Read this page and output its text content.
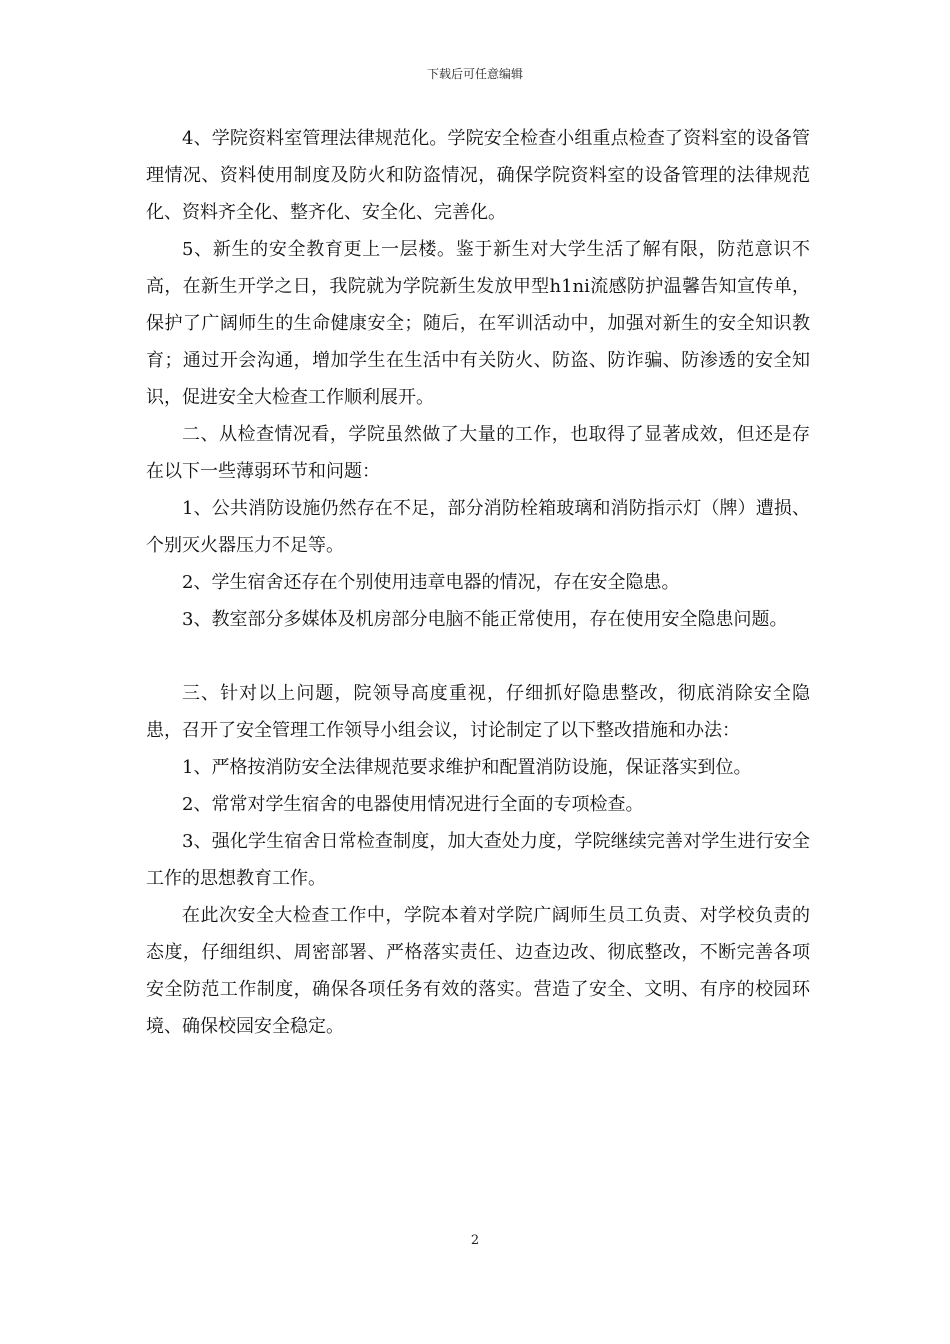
下载后可任意编辑

4、学院资料室管理法律规范化。学院安全检查小组重点检查了资料室的设备管理情况、资料使用制度及防火和防盗情况，确保学院资料室的设备管理的法律规范化、资料齐全化、整齐化、安全化、完善化。

5、新生的安全教育更上一层楼。鉴于新生对大学生活了解有限，防范意识不高，在新生开学之日，我院就为学院新生发放甲型h1ni流感防护温馨告知宣传单，保护了广阔师生的生命健康安全；随后，在军训活动中，加强对新生的安全知识教育；通过开会沟通，增加学生在生活中有关防火、防盗、防诈骗、防渗透的安全知识，促进安全大检查工作顺利展开。

二、从检查情况看，学院虽然做了大量的工作，也取得了显著成效，但还是存在以下一些薄弱环节和问题：

1、公共消防设施仍然存在不足，部分消防栓箱玻璃和消防指示灯（牌）遭损、个别灭火器压力不足等。

2、学生宿舍还存在个别使用违章电器的情况，存在安全隐患。

3、教室部分多媒体及机房部分电脑不能正常使用，存在使用安全隐患问题。

三、针对以上问题，院领导高度重视，仔细抓好隐患整改，彻底消除安全隐患，召开了安全管理工作领导小组会议，讨论制定了以下整改措施和办法：

1、严格按消防安全法律规范要求维护和配置消防设施，保证落实到位。

2、常常对学生宿舍的电器使用情况进行全面的专项检查。

3、强化学生宿舍日常检查制度，加大查处力度，学院继续完善对学生进行安全工作的思想教育工作。

在此次安全大检查工作中，学院本着对学院广阔师生员工负责、对学校负责的态度，仔细组织、周密部署、严格落实责任、边查边改、彻底整改，不断完善各项安全防范工作制度，确保各项任务有效的落实。营造了安全、文明、有序的校园环境、确保校园安全稳定。

2
